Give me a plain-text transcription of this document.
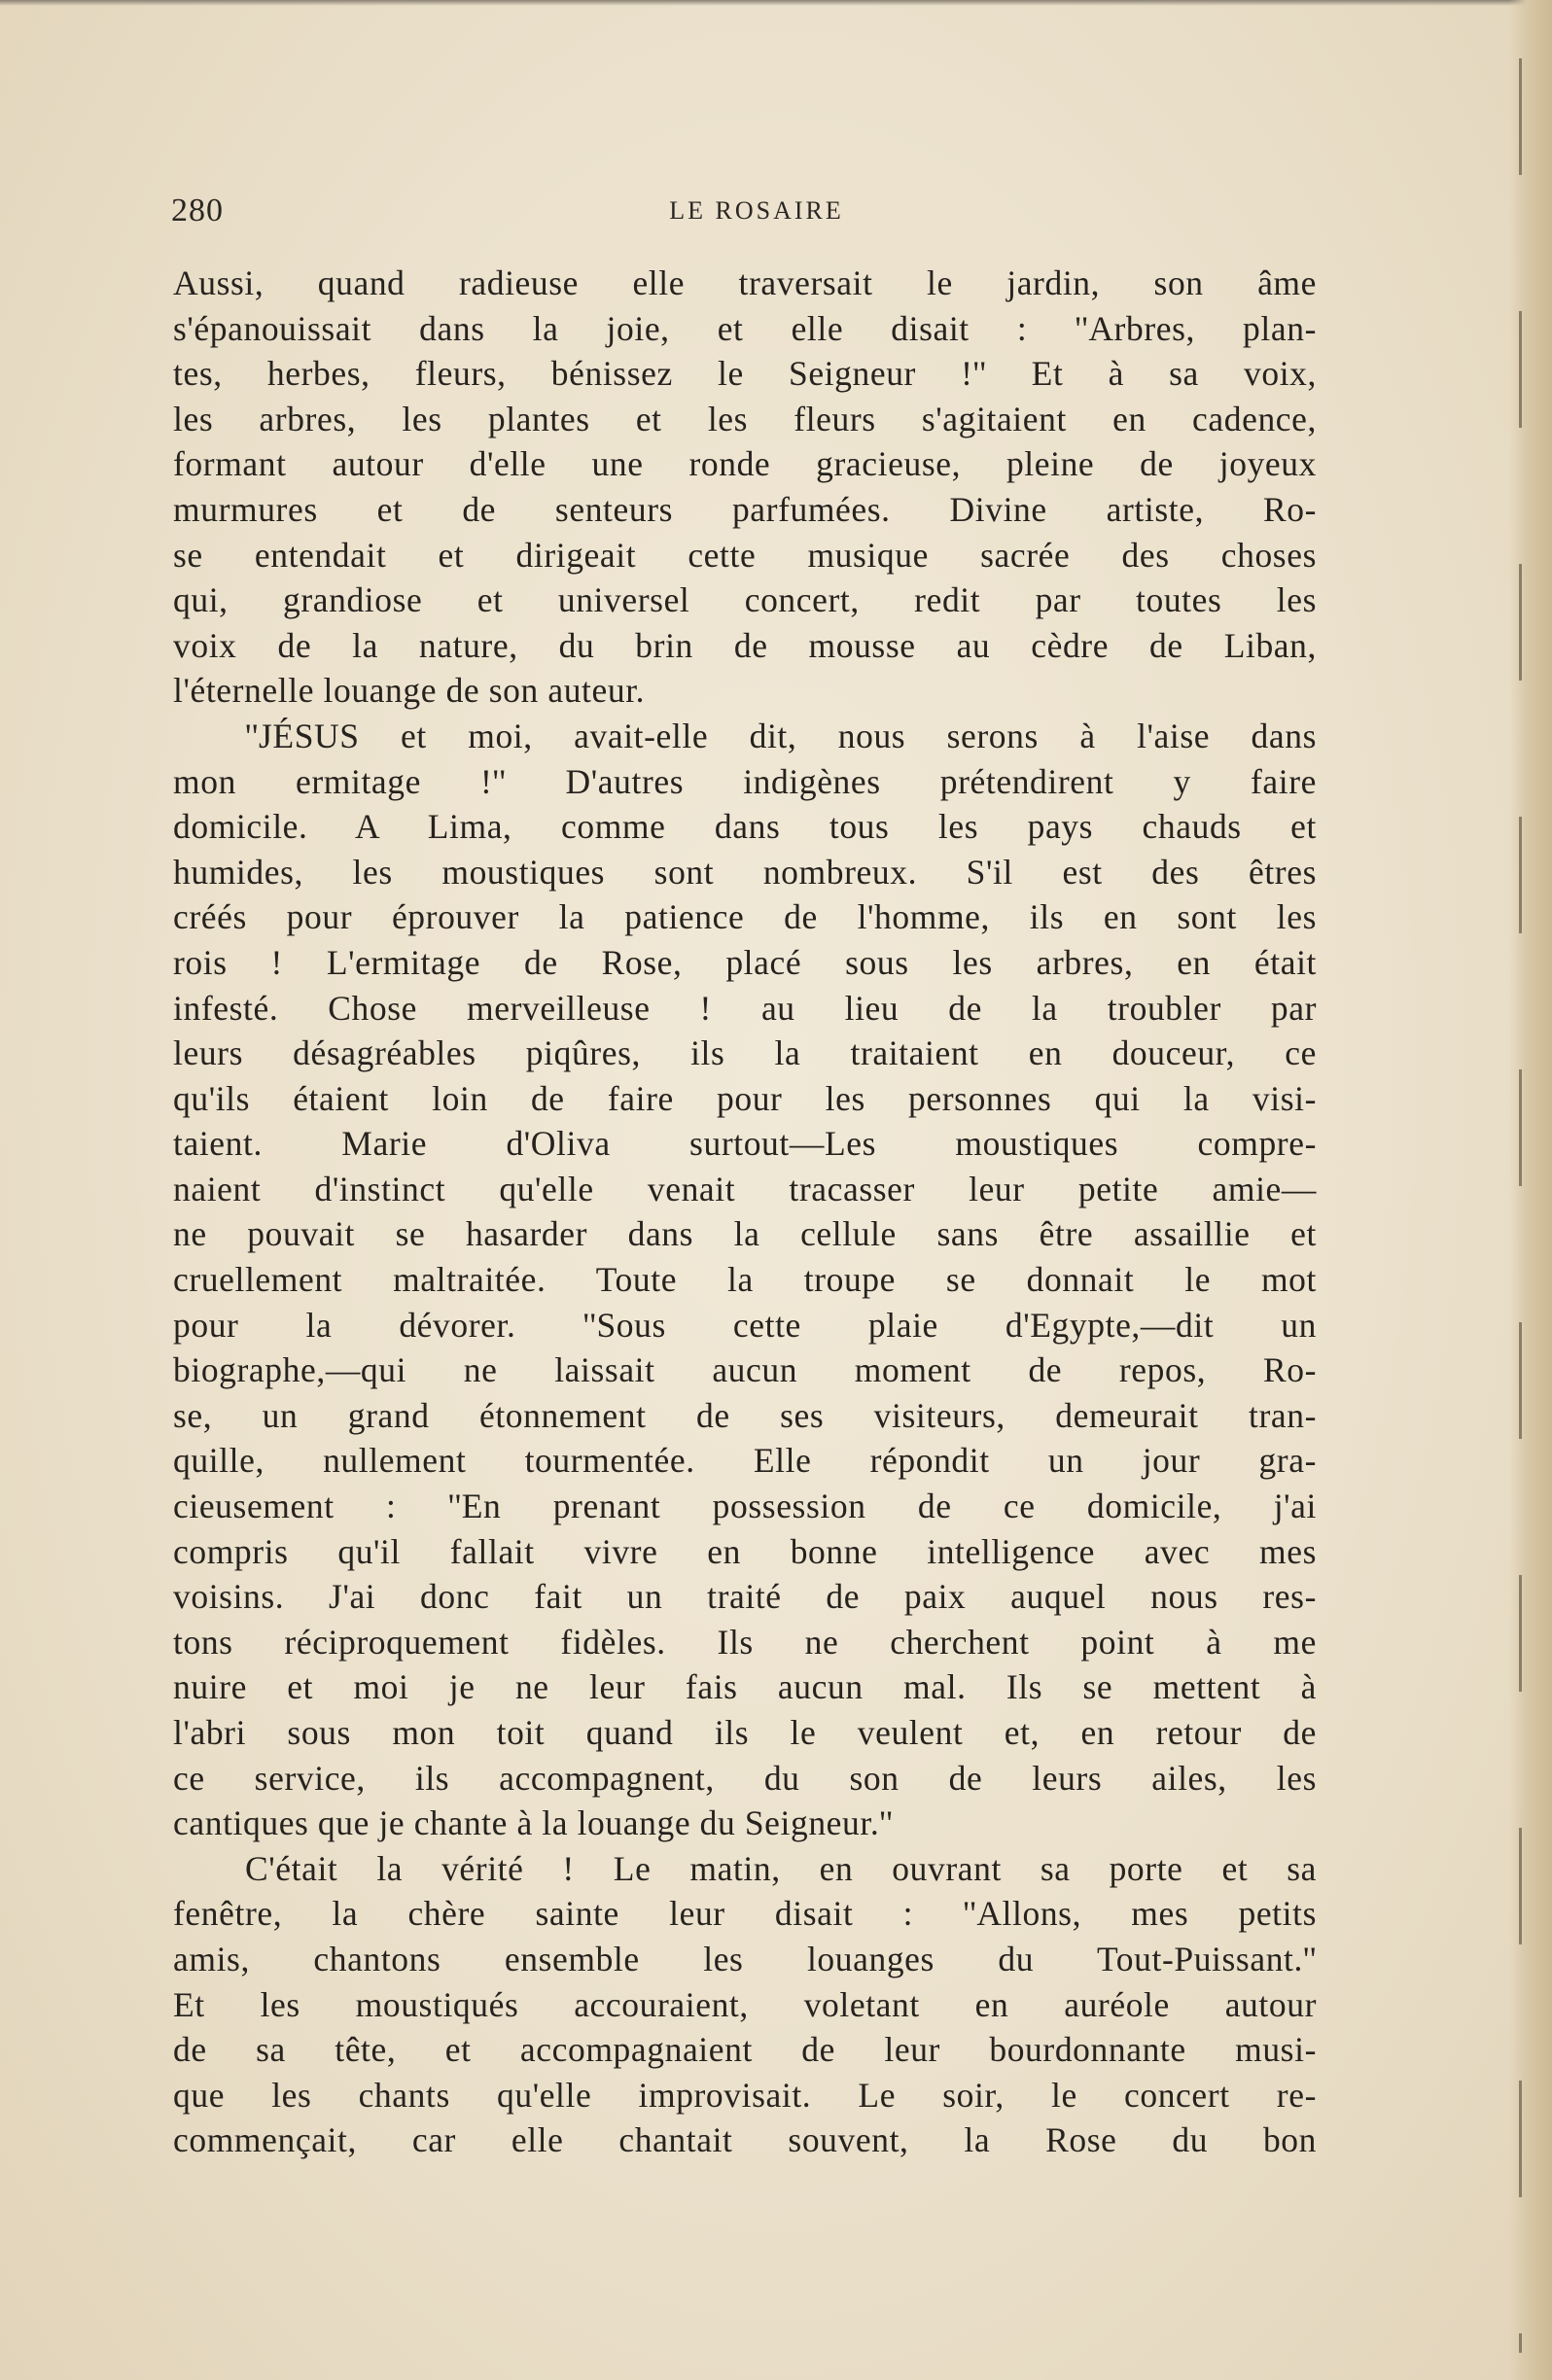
280	LE ROSAIRE
Aussi, quand radieuse elle traversait le jardin, son âme
s'épanouissait dans la joie, et elle disait : ''Arbres, plan-
tes, herbes, fleurs, bénissez le Seigneur !'' Et à sa voix,
les arbres, les plantes et les fleurs s'agitaient en cadence,
formant autour d'elle une ronde gracieuse, pleine de joyeux
murmures et de senteurs parfumées. Divine artiste, Ro-
se entendait et dirigeait cette musique sacrée des choses
qui, grandiose et universel concert, redit par toutes les
voix de la nature, du brin de mousse au cèdre de Liban,
l'éternelle louange de son auteur.
''JÉSUS et moi, avait-elle dit, nous serons à l'aise dans
mon ermitage !'' D'autres indigènes prétendirent y faire
domicile. A Lima, comme dans tous les pays chauds et
humides, les moustiques sont nombreux. S'il est des êtres
créés pour éprouver la patience de l'homme, ils en sont les
rois ! L'ermitage de Rose, placé sous les arbres, en était
infesté. Chose merveilleuse ! au lieu de la troubler par
leurs désagréables piqûres, ils la traitaient en douceur, ce
qu'ils étaient loin de faire pour les personnes qui la visi-
taient. Marie d'Oliva surtout—Les moustiques compre-
naient d'instinct qu'elle venait tracasser leur petite amie—
ne pouvait se hasarder dans la cellule sans être assaillie et
cruellement maltraitée. Toute la troupe se donnait le mot
pour la dévorer. ''Sous cette plaie d'Egypte,—dit un
biographe,—qui ne laissait aucun moment de repos, Ro-
se, un grand étonnement de ses visiteurs, demeurait tran-
quille, nullement tourmentée. Elle répondit un jour gra-
cieusement : ''En prenant possession de ce domicile, j'ai
compris qu'il fallait vivre en bonne intelligence avec mes
voisins. J'ai donc fait un traité de paix auquel nous res-
tons réciproquement fidèles. Ils ne cherchent point à me
nuire et moi je ne leur fais aucun mal. Ils se mettent à
l'abri sous mon toit quand ils le veulent et, en retour de
ce service, ils accompagnent, du son de leurs ailes, les
cantiques que je chante à la louange du Seigneur.''
C'était la vérité ! Le matin, en ouvrant sa porte et sa
fenêtre, la chère sainte leur disait : ''Allons, mes petits
amis, chantons ensemble les louanges du Tout-Puissant.''
Et les moustiqués accouraient, voletant en auréole autour
de sa tête, et accompagnaient de leur bourdonnante musi-
que les chants qu'elle improvisait. Le soir, le concert re-
commençait, car elle chantait souvent, la Rose du bon
